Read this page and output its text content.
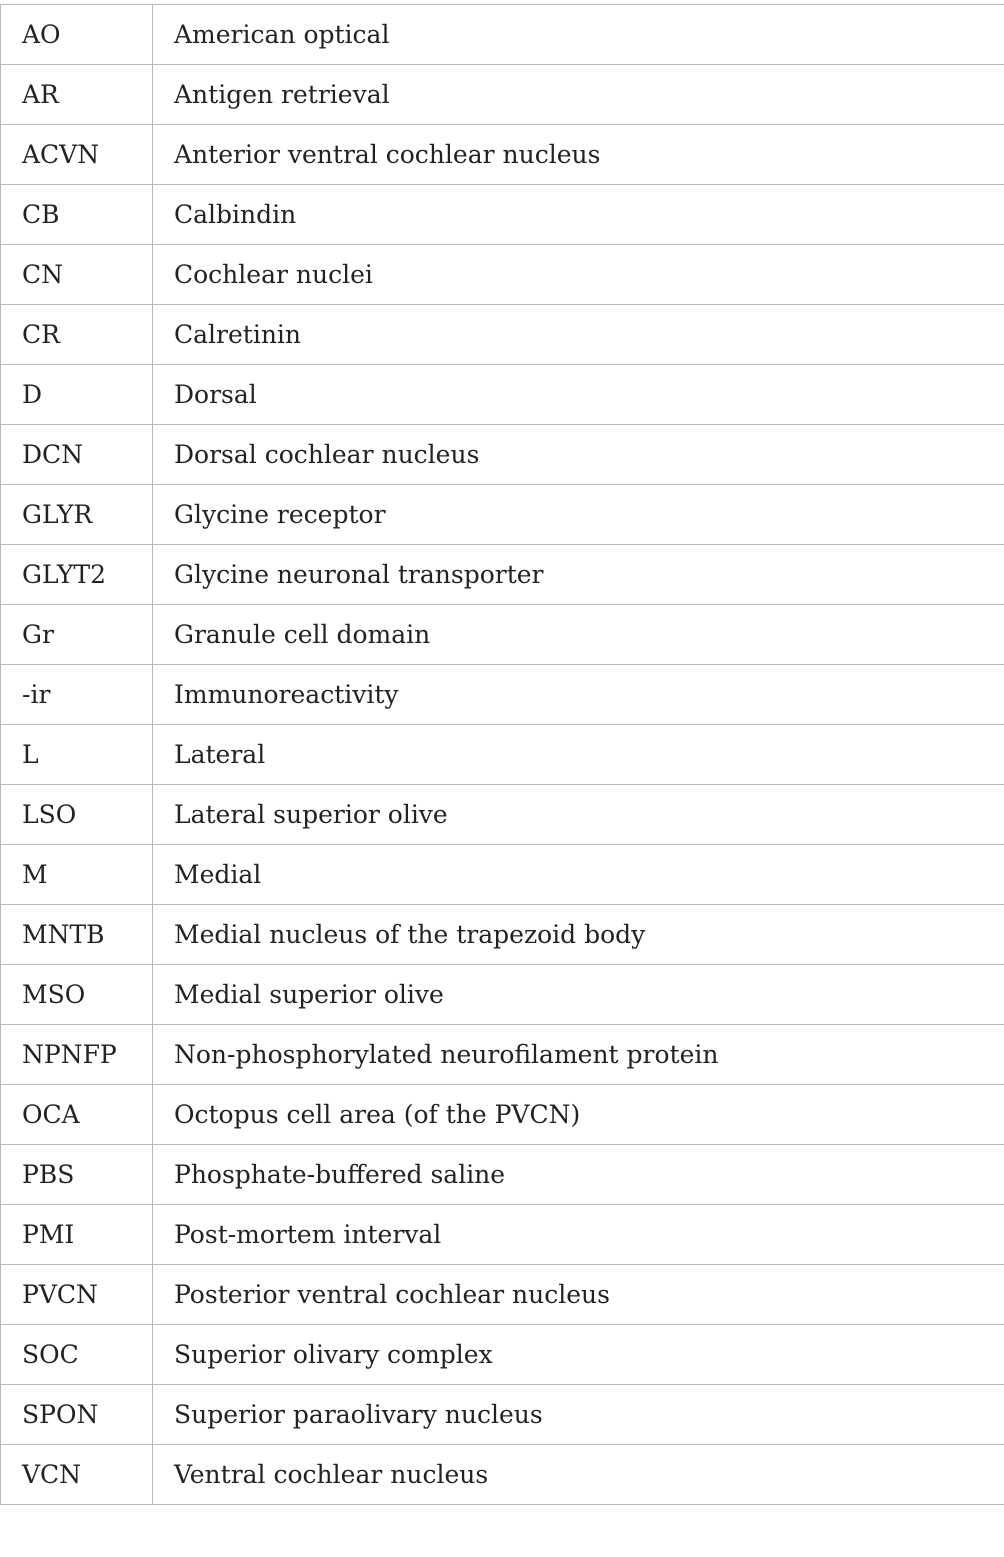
AO	American optical
AR	Antigen retrieval
ACVN	Anterior ventral cochlear nucleus
CB	Calbindin
CN	Cochlear nuclei
CR	Calretinin
D	Dorsal
DCN	Dorsal cochlear nucleus
GLYR	Glycine receptor
GLYT2	Glycine neuronal transporter
Gr	Granule cell domain
-ir	Immunoreactivity
L	Lateral
LSO	Lateral superior olive
M	Medial
MNTB	Medial nucleus of the trapezoid body
MSO	Medial superior olive
NPNFP	Non-phosphorylated neurofilament protein
OCA	Octopus cell area (of the PVCN)
PBS	Phosphate-buffered saline
PMI	Post-mortem interval
PVCN	Posterior ventral cochlear nucleus
SOC	Superior olivary complex
SPON	Superior paraolivary nucleus
VCN	Ventral cochlear nucleus
